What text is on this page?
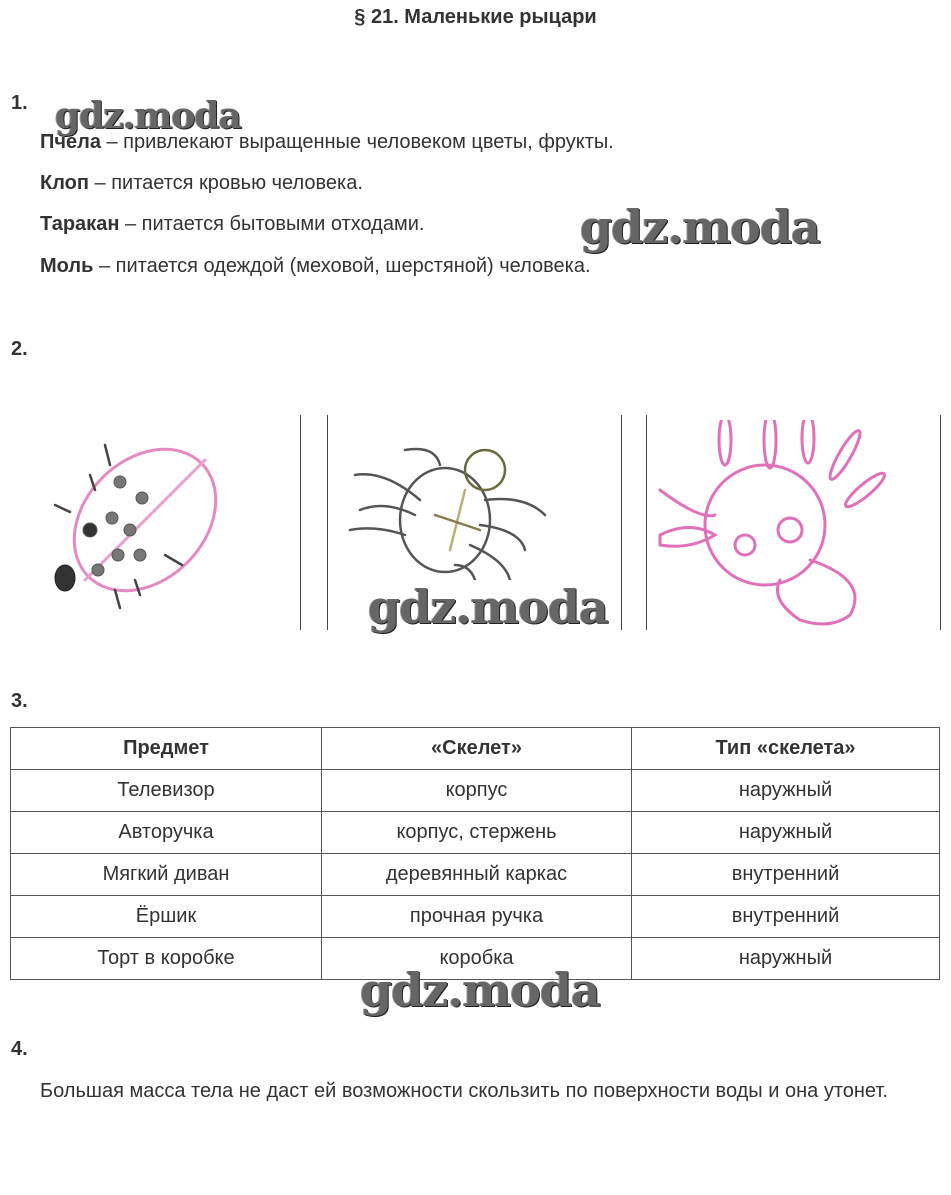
§ 21. Маленькие рыцари
1.
Пчела – привлекают выращенные человеком цветы, фрукты.
Клоп – питается кровью человека.
Таракан – питается бытовыми отходами.
Моль – питается одеждой (меховой, шерстяной) человека.
2.
3.
Предмет	«Скелет»	Тип «скелета»
Телевизор	корпус	наружный
Авторучка	корпус, стержень	наружный
Мягкий диван	деревянный каркас	внутренний
Ёршик	прочная ручка	внутренний
Торт в коробке	коробка	наружный
4.
Большая масса тела не даст ей возможности скользить по поверхности воды и она утонет.
gdz.moda
gdz.moda
gdz.moda
gdz.moda
